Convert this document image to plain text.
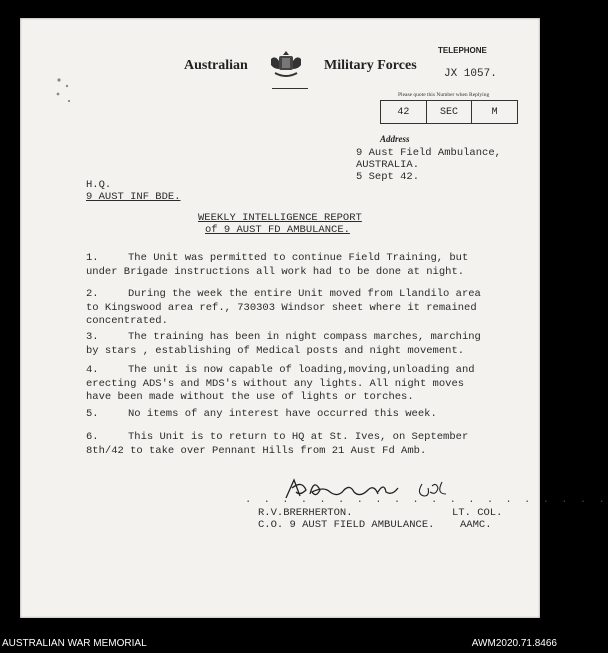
Australian	Military Forces
TELEPHONE
JX 1057.
Please quote this Number when Replying
42	SEC	M
Address
9 Aust Field Ambulance,
AUSTRALIA.
5 Sept 42.
H.Q.
9 AUST INF BDE.
WEEKLY INTELLIGENCE REPORT
of 9 AUST FD AMBULANCE.
1.	The Unit was permitted to continue Field Training, but
under Brigade instructions all work had to be done at night.
2.	During the week the entire Unit moved from Llandilo area
to Kingswood area ref., 730303 Windsor sheet where it remained
concentrated.
3.	The training has been in night compass marches, marching
by stars , establishing of Medical posts and night movement.
4.	The unit is now capable of loading,moving,unloading and
erecting ADS's and MDS's without any lights. All night moves
have been made without the use of lights or torches.
5.	No items of any interest have occurred this week.
6.	This Unit is to return to HQ at St. Ives, on September
8th/42 to take over Pennant Hills from 21 Aust Fd Amb.
. . . . . . . . . . . . . . . . . . . .
R.V.BRERHERTON.	LT. COL.
C.O. 9 AUST FIELD AMBULANCE. AAMC.
AUSTRALIAN WAR MEMORIAL	AWM2020.71.8466
